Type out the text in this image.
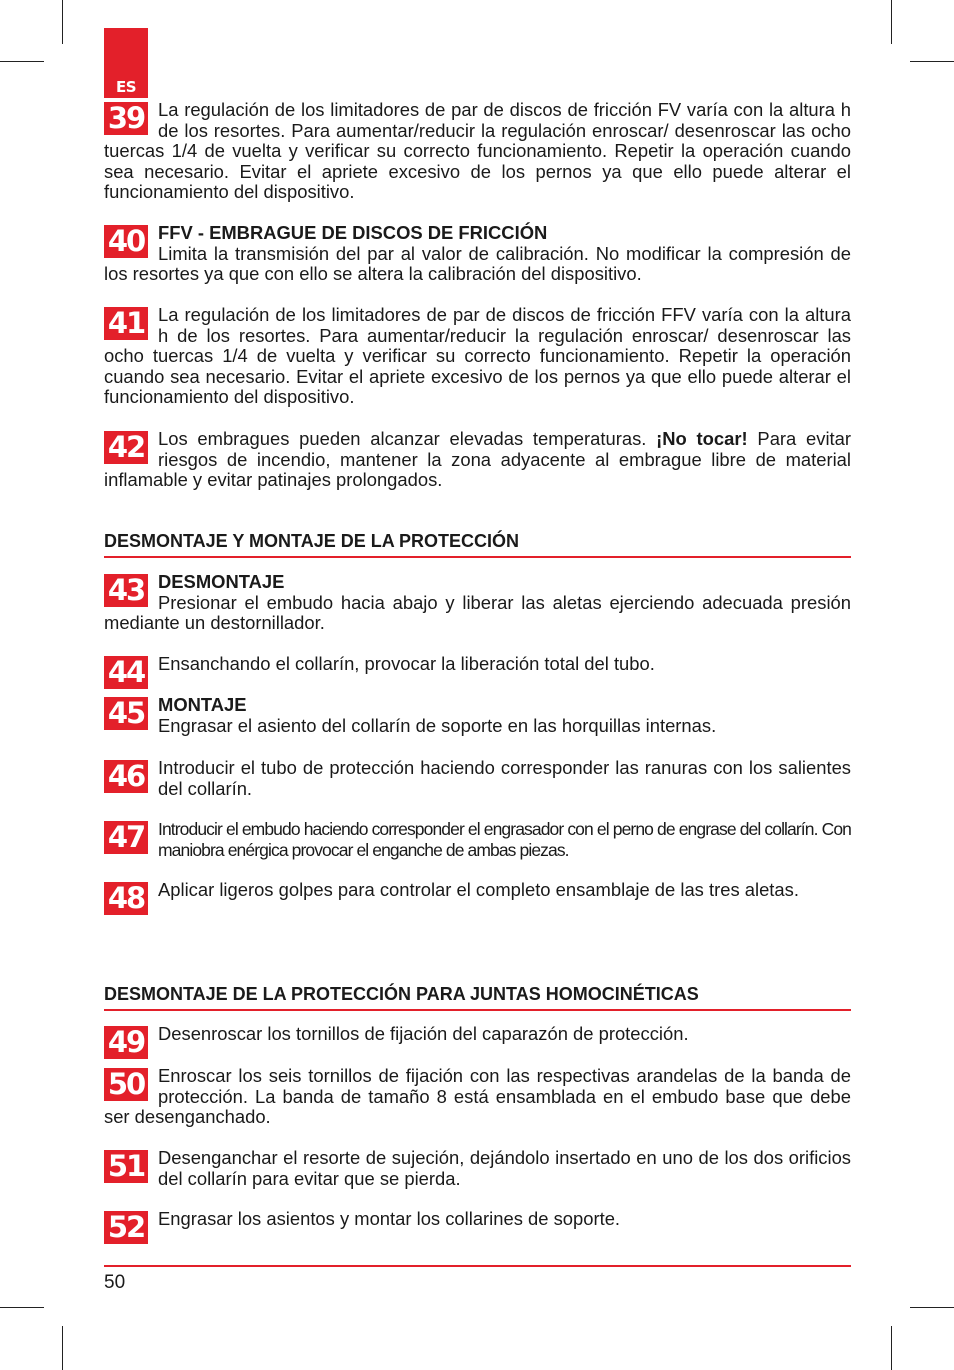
ES
39 La regulación de los limitadores de par de discos de fricción FV varía con la altura h de los resortes. Para aumentar/reducir la regulación enroscar/ desenroscar las ocho tuercas 1/4 de vuelta y verificar su correcto funcionamiento. Repetir la operación cuando sea necesario. Evitar el apriete excesivo de los pernos ya que ello puede alterar el funcionamiento del dispositivo.
40 FFV - EMBRAGUE DE DISCOS DE FRICCIÓN
Limita la transmisión del par al valor de calibración. No modificar la compresión de los resortes ya que con ello se altera la calibración del dispositivo.
41 La regulación de los limitadores de par de discos de fricción FFV varía con la altura h de los resortes. Para aumentar/reducir la regulación enroscar/ desenroscar las ocho tuercas 1/4 de vuelta y verificar su correcto funcionamiento. Repetir la operación cuando sea necesario. Evitar el apriete excesivo de los pernos ya que ello puede alterar el funcionamiento del dispositivo.
42 Los embragues pueden alcanzar elevadas temperaturas. ¡No tocar! Para evitar riesgos de incendio, mantener la zona adyacente al embrague libre de material inflamable y evitar patinajes prolongados.
DESMONTAJE Y MONTAJE DE LA PROTECCIÓN
43 DESMONTAJE
Presionar el embudo hacia abajo y liberar las aletas ejerciendo adecuada presión mediante un destornillador.
44 Ensanchando el collarín, provocar la liberación total del tubo.
45 MONTAJE
Engrasar el asiento del collarín de soporte en las horquillas internas.
46 Introducir el tubo de protección haciendo corresponder las ranuras con los salientes del collarín.
47 Introducir el embudo haciendo corresponder el engrasador con el perno de engrase del collarín. Con maniobra enérgica provocar el enganche de ambas piezas.
48 Aplicar ligeros golpes para controlar el completo ensamblaje de las tres aletas.
DESMONTAJE DE LA PROTECCIÓN PARA JUNTAS HOMOCINÉTICAS
49 Desenroscar los tornillos de fijación del caparazón de protección.
50 Enroscar los seis tornillos de fijación con las respectivas arandelas de la banda de protección. La banda de tamaño 8 está ensamblada en el embudo base que debe ser desenganchado.
51 Desenganchar el resorte de sujeción, dejándolo insertado en uno de los dos orificios del collarín para evitar que se pierda.
52 Engrasar los asientos y montar los collarines de soporte.
50
